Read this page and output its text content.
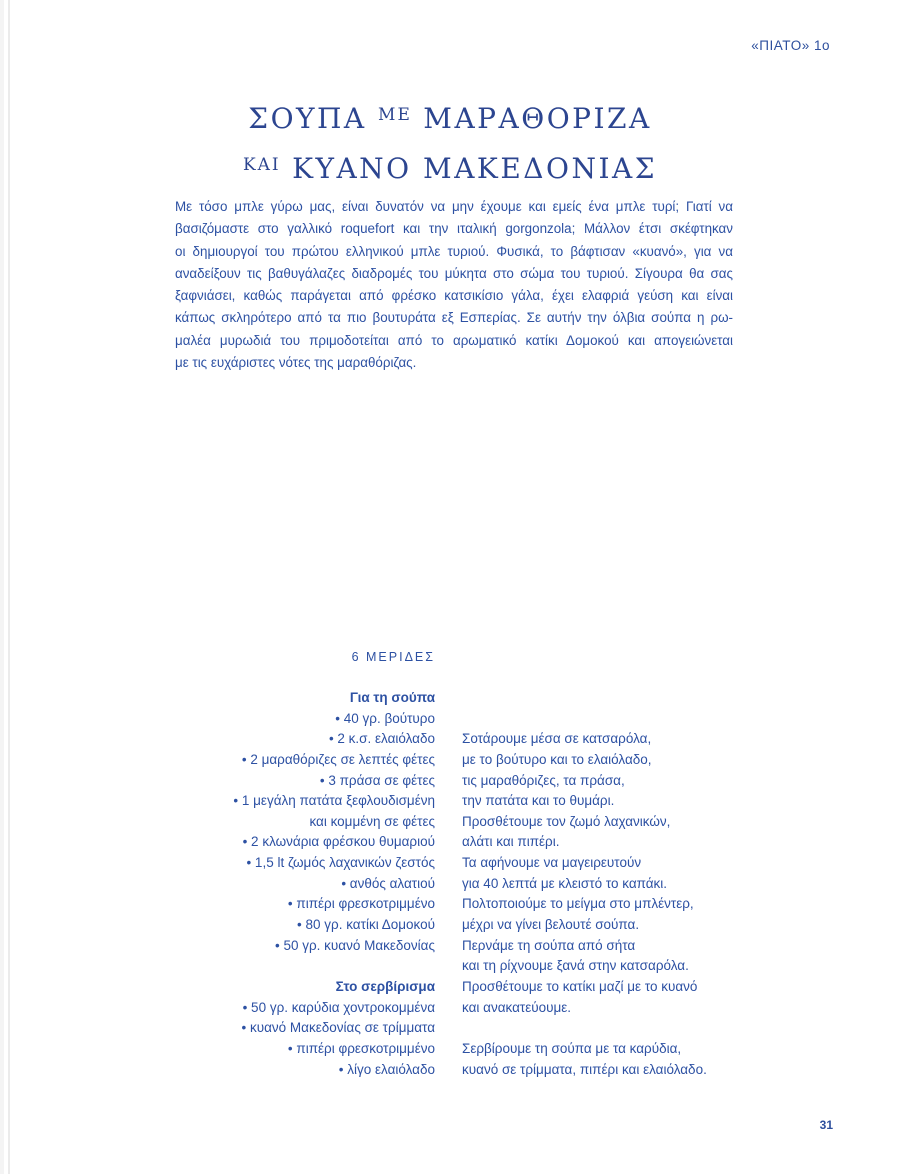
«ΠΙΑΤΟ» 1ο
ΣΟΥΠΑ $^{ME}$ ΜΑΡΑΘΟΡΙΖΑ
$^{KAI}$ ΚΥΑΝΟ ΜΑΚΕΔΟΝΙΑΣ
Με τόσο μπλε γύρω μας, είναι δυνατόν να μην έχουμε και εμείς ένα μπλε τυρί; Γιατί να
βασιζόμαστε στο γαλλικό roquefort και την ιταλική gorgonzola; Μάλλον έτσι σκέφτηκαν
οι δημιουργοί του πρώτου ελληνικού μπλε τυριού. Φυσικά, το βάφτισαν «κυανό», για να
αναδείξουν τις βαθυγάλαζες διαδρομές του μύκητα στο σώμα του τυριού. Σίγουρα θα σας
ξαφνιάσει, καθώς παράγεται από φρέσκο κατσικίσιο γάλα, έχει ελαφριά γεύση και είναι
κάπως σκληρότερο από τα πιο βουτυράτα εξ Εσπερίας. Σε αυτήν την όλβια σούπα η ρω-
μαλέα μυρωδιά του πριμοδοτείται από το αρωματικό κατίκι Δομοκού και απογειώνεται
με τις ευχάριστες νότες της μαραθόριζας.
6 ΜΕΡΙΔΕΣ
Για τη σούπα
• 40 γρ. βούτυρο
• 2 κ.σ. ελαιόλαδο Σοτάρουμε μέσα σε κατσαρόλα,
• 2 μαραθόριζες σε λεπτές φέτες με το βούτυρο και το ελαιόλαδο,
• 3 πράσα σε φέτες τις μαραθόριζες, τα πράσα,
• 1 μεγάλη πατάτα ξεφλουδισμένη την πατάτα και το θυμάρι.
και κομμένη σε φέτες Προσθέτουμε τον ζωμό λαχανικών,
• 2 κλωνάρια φρέσκου θυμαριού αλάτι και πιπέρι.
• 1,5 lt ζωμός λαχανικών ζεστός Τα αφήνουμε να μαγειρευτούν
• ανθός αλατιού για 40 λεπτά με κλειστό το καπάκι.
• πιπέρι φρεσκοτριμμένο Πολτοποιούμε το μείγμα στο μπλέντερ,
• 80 γρ. κατίκι Δομοκού μέχρι να γίνει βελουτέ σούπα.
• 50 γρ. κυανό Μακεδονίας Περνάμε τη σούπα από σήτα
και τη ρίχνουμε ξανά στην κατσαρόλα.
Στο σερβίρισμα Προσθέτουμε το κατίκι μαζί με το κυανό
• 50 γρ. καρύδια χοντροκομμένα και ανακατεύουμε.
• κυανό Μακεδονίας σε τρίμματα
• πιπέρι φρεσκοτριμμένο Σερβίρουμε τη σούπα με τα καρύδια,
• λίγο ελαιόλαδο κυανό σε τρίμματα, πιπέρι και ελαιόλαδο.
31
